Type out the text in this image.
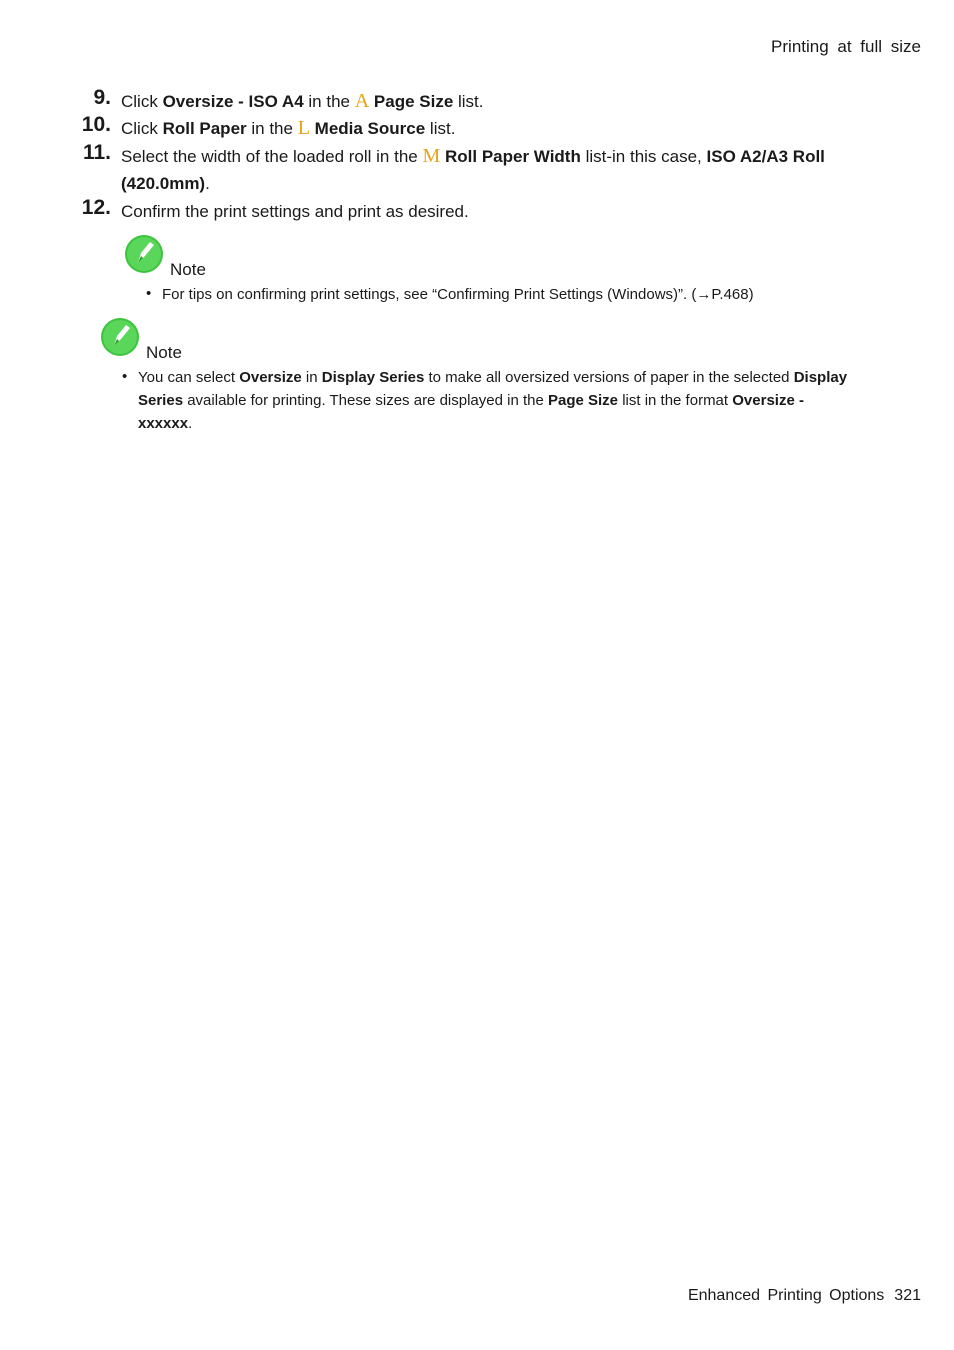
Printing at full size
9. Click Oversize - ISO A4 in the A Page Size list.
10. Click Roll Paper in the L Media Source list.
11. Select the width of the loaded roll in the M Roll Paper Width list-in this case, ISO A2/A3 Roll (420.0mm).
12. Confirm the print settings and print as desired.
Note
• For tips on confirming print settings, see “Confirming Print Settings (Windows)”. (→P.468)
Note
• You can select Oversize in Display Series to make all oversized versions of paper in the selected Display Series available for printing. These sizes are displayed in the Page Size list in the format Oversize - xxxxxx.
Enhanced Printing Options 321
